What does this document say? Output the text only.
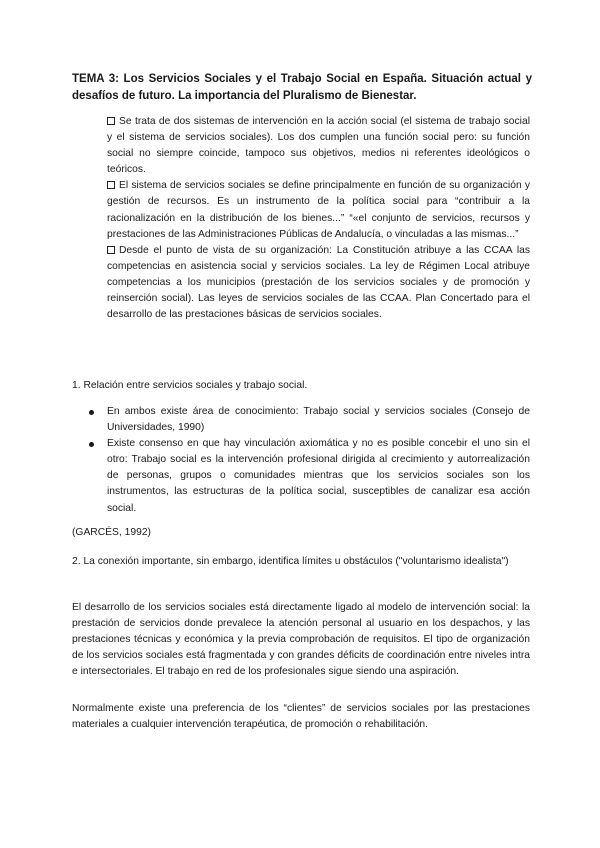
TEMA 3: Los Servicios Sociales y el Trabajo Social en España. Situación actual y desafíos de futuro. La importancia del Pluralismo de Bienestar.

Se trata de dos sistemas de intervención en la acción social (el sistema de trabajo social y el sistema de servicios sociales). Los dos cumplen una función social pero: su función social no siempre coincide, tampoco sus objetivos, medios ni referentes ideológicos o teóricos.

El sistema de servicios sociales se define principalmente en función de su organización y gestión de recursos. Es un instrumento de la política social para “contribuir a la racionalización en la distribución de los bienes...” “«el conjunto de servicios, recursos y prestaciones de las Administraciones Públicas de Andalucía, o vinculadas a las mismas...”

Desde el punto de vista de su organización: La Constitución atribuye a las CCAA las competencias en asistencia social y servicios sociales. La ley de Régimen Local atribuye competencias a los municipios (prestación de los servicios sociales y de promoción y reinserción social). Las leyes de servicios sociales de las CCAA. Plan Concertado para el desarrollo de las prestaciones básicas de servicios sociales.

1. Relación entre servicios sociales y trabajo social.

En ambos existe área de conocimiento: Trabajo social y servicios sociales (Consejo de Universidades, 1990)
Existe consenso en que hay vinculación axiomática y no es posible concebir el uno sin el otro: Trabajo social es la intervención profesional dirigida al crecimiento y autorrealización de personas, grupos o comunidades mientras que los servicios sociales son los instrumentos, las estructuras de la política social, susceptibles de canalizar esa acción social.

(GARCÉS, 1992)

2. La conexión importante, sin embargo, identifica límites u obstáculos ("voluntarismo idealista")

El desarrollo de los servicios sociales está directamente ligado al modelo de intervención social: la prestación de servicios donde prevalece la atención personal al usuario en los despachos, y las prestaciones técnicas y económica y la previa comprobación de requisitos. El tipo de organización de los servicios sociales está fragmentada y con grandes déficits de coordinación entre niveles intra e intersectoriales. El trabajo en red de los profesionales sigue siendo una aspiración.

Normalmente existe una preferencia de los “clientes” de servicios sociales por las prestaciones materiales a cualquier intervención terapéutica, de promoción o rehabilitación.
